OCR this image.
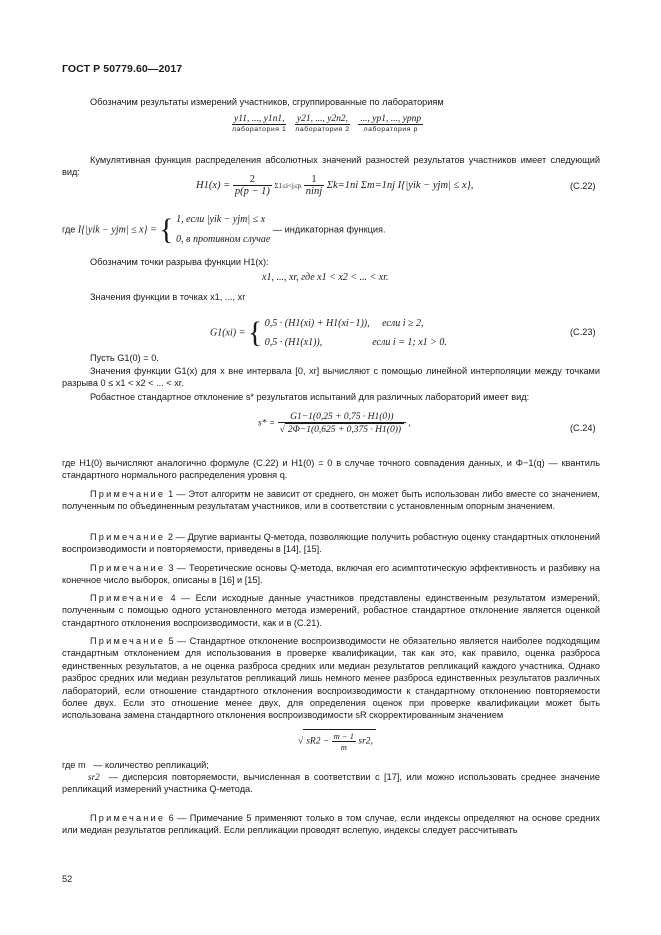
ГОСТ Р 50779.60—2017

Обозначим результаты измерений участников, сгруппированные по лабораториям

y11, ..., y1n1,
лаборатория 1

y21, ..., y2n2,
лаборатория 2

..., yp1, ..., ypnp
лаборатория p

Кумулятивная функция распределения абсолютных значений разностей результатов участников имеет следующий вид:

$H1(x) = \frac{2}{p(p - 1)} \Sigma 1\le i<j\le p \frac{1}{\text{ninj}} \Sigma k=1ni$ Σm=1nj I{|yik − yjm| ≤ x},	(C.22)
где I{|yik − yjm| ≤ x} = { 1, если |yik − yjm| ≤ x
0, в противном случае
— индикаторная функция.

Обозначим точки разрыва функции H1(x):

x1, ..., xr, где x1 < x2 < ... < xr.

Значения функции в точках x1, ..., xr

G1(xi) = { 0,5 · (H1(xi) + H1(xi−1)), если i ≥ 2,
0,5 · (H1(x1)),	если i = 1; x1 > 0.
(C.23)

Пусть G1(0) = 0.

Значения функции G1(x) для x вне интервала [0, xr] вычисляют с помощью линейной интерполяции между точками разрыва 0 ≤ x1 < x2 < ... < xr.

Робастное стандартное отклонение s* результатов испытаний для различных лабораторий имеет вид:

$s* = \frac{G1-1(0,25 + 0,75 \cdot H1(0))}{√ 2\Phi-1(0,625 + 0,375 \cdot H1(0))}$ ,	(C.24)

где H1(0) вычисляют аналогично формуле (C.22) и H1(0) = 0 в случае точного совпадения данных, и Φ−1(q) — квантиль стандартного нормального распределения уровня q.

Примечание 1 — Этот алгоритм не зависит от среднего, он может быть использован либо вместе со значением, полученным по объединенным результатам участников, или в соответствии с установленным опорным значением.

Примечание 2 — Другие варианты Q-метода, позволяющие получить робастную оценку стандартных отклонений воспроизводимости и повторяемости, приведены в [14], [15].

Примечание 3 — Теоретические основы Q-метода, включая его асимптотическую эффективность и разбивку на конечное число выборок, описаны в [16] и [15].

Примечание 4 — Если исходные данные участников представлены единственным результатом измерений, полученным с помощью одного установленного метода измерений, робастное стандартное отклонение является оценкой стандартного отклонения воспроизводимости, как и в (C.21).

Примечание 5 — Стандартное отклонение воспроизводимости не обязательно является наиболее подходящим стандартным отклонением для использования в проверке квалификации, так как это, как правило, оценка разброса единственных результатов, а не оценка разброса средних или медиан результатов репликаций каждого участника. Однако разброс средних или медиан результатов репликаций лишь немного менее разброса единственных результатов различных лабораторий, если отношение стандартного отклонения воспроизводимости к стандартному отклонению повторяемости более двух. Если это отношение менее двух, для определения оценок при проверке квалификации может быть использована замена стандартного отклонения воспроизводимости sR скорректированным значением

√ $sR2 - \frac{m - 1}{m} sr2$,
где m — количество репликаций;
sr2 — дисперсия повторяемости, вычисленная в соответствии с [17], или можно использовать среднее значение репликаций измерений участника Q-метода.

Примечание 6 — Примечание 5 применяют только в том случае, если индексы определяют на основе средних или медиан результатов репликаций. Если репликации проводят вслепую, индексы следует рассчитывать

52
